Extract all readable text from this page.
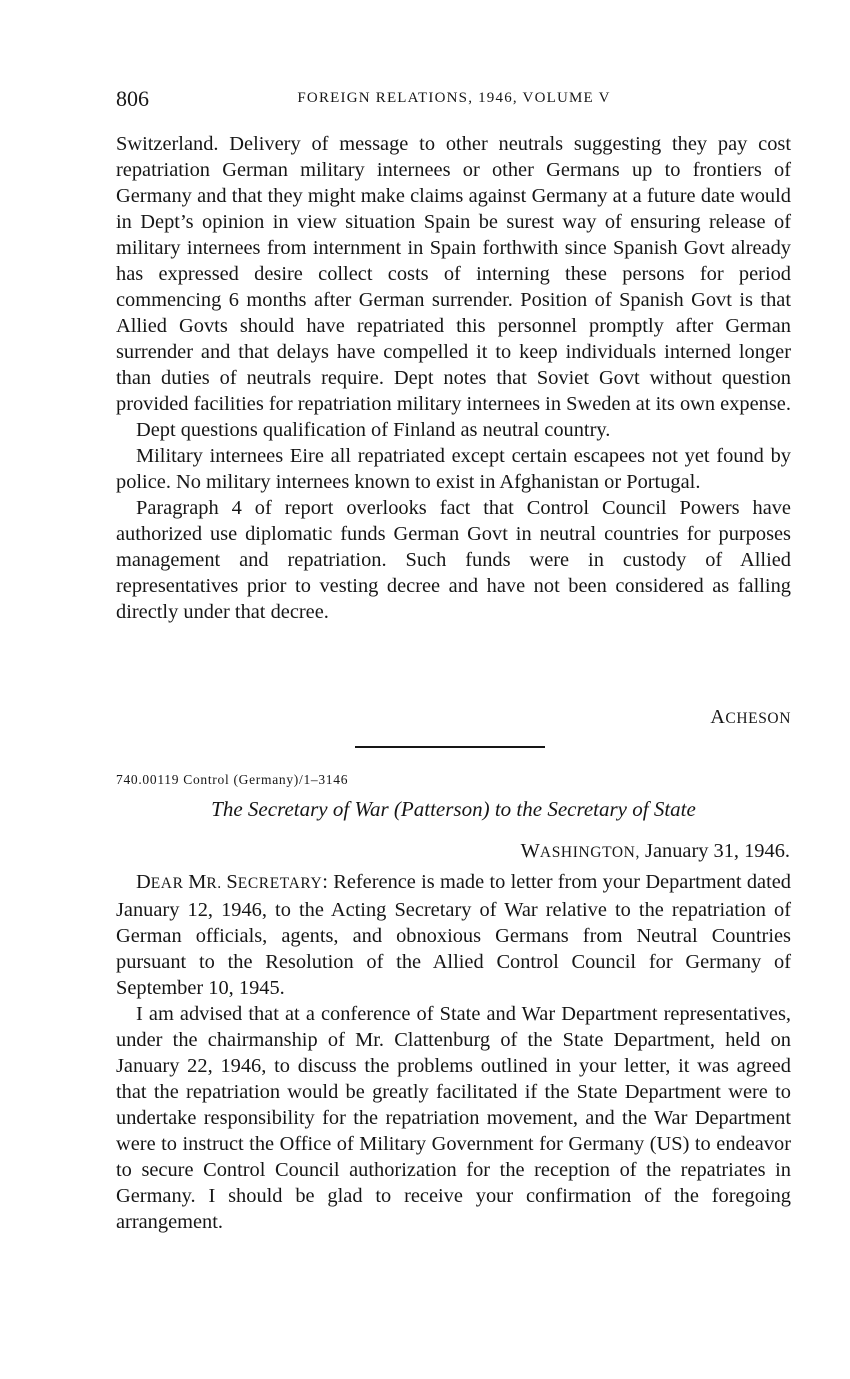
806	FOREIGN RELATIONS, 1946, VOLUME V

Switzerland. Delivery of message to other neutrals suggesting they pay cost repatriation German military internees or other Germans up to frontiers of Germany and that they might make claims against Germany at a future date would in Dept’s opinion in view situation Spain be surest way of ensuring release of military internees from internment in Spain forthwith since Spanish Govt already has expressed desire collect costs of interning these persons for period commencing 6 months after German surrender. Position of Spanish Govt is that Allied Govts should have repatriated this personnel promptly after German surrender and that delays have compelled it to keep individuals interned longer than duties of neutrals require. Dept notes that Soviet Govt without question provided facilities for repatriation military internees in Sweden at its own expense.

Dept questions qualification of Finland as neutral country.

Military internees Eire all repatriated except certain escapees not yet found by police. No military internees known to exist in Afghanistan or Portugal.

Paragraph 4 of report overlooks fact that Control Council Powers have authorized use diplomatic funds German Govt in neutral countries for purposes management and repatriation. Such funds were in custody of Allied representatives prior to vesting decree and have not been considered as falling directly under that decree.

ACHESON
740.00119 Control (Germany)/1–3146
The Secretary of War (Patterson) to the Secretary of State
WASHINGTON, January 31, 1946.

DEAR MR. SECRETARY: Reference is made to letter from your Department dated January 12, 1946, to the Acting Secretary of War relative to the repatriation of German officials, agents, and obnoxious Germans from Neutral Countries pursuant to the Resolution of the Allied Control Council for Germany of September 10, 1945.

I am advised that at a conference of State and War Department representatives, under the chairmanship of Mr. Clattenburg of the State Department, held on January 22, 1946, to discuss the problems outlined in your letter, it was agreed that the repatriation would be greatly facilitated if the State Department were to undertake responsibility for the repatriation movement, and the War Department were to instruct the Office of Military Government for Germany (US) to endeavor to secure Control Council authorization for the reception of the repatriates in Germany. I should be glad to receive your confirmation of the foregoing arrangement.
